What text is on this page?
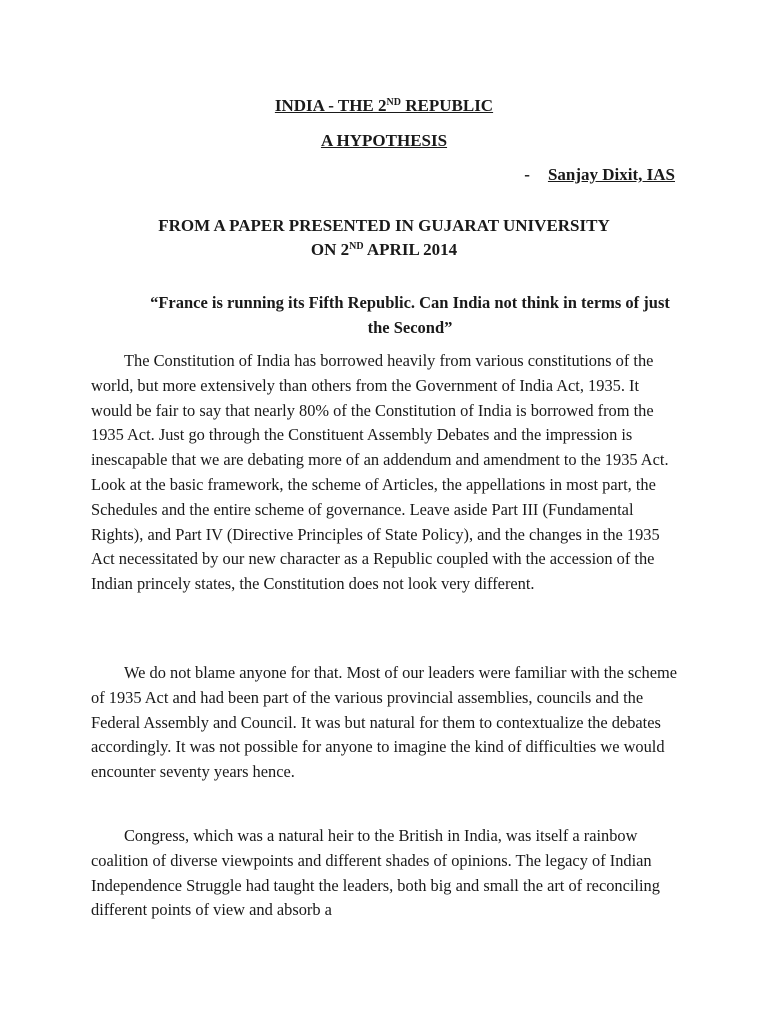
INDIA - THE 2ND REPUBLIC
A HYPOTHESIS
- Sanjay Dixit, IAS
FROM A PAPER PRESENTED IN GUJARAT UNIVERSITY
ON 2ND APRIL 2014
“France is running its Fifth Republic. Can India not think in terms of just the Second”

The Constitution of India has borrowed heavily from various constitutions of the world, but more extensively than others from the Government of India Act, 1935. It would be fair to say that nearly 80% of the Constitution of India is borrowed from the 1935 Act. Just go through the Constituent Assembly Debates and the impression is inescapable that we are debating more of an addendum and amendment to the 1935 Act. Look at the basic framework, the scheme of Articles, the appellations in most part, the Schedules and the entire scheme of governance. Leave aside Part III (Fundamental Rights), and Part IV (Directive Principles of State Policy), and the changes in the 1935 Act necessitated by our new character as a Republic coupled with the accession of the Indian princely states, the Constitution does not look very different.

We do not blame anyone for that. Most of our leaders were familiar with the scheme of 1935 Act and had been part of the various provincial assemblies, councils and the Federal Assembly and Council. It was but natural for them to contextualize the debates accordingly. It was not possible for anyone to imagine the kind of difficulties we would encounter seventy years hence.

Congress, which was a natural heir to the British in India, was itself a rainbow coalition of diverse viewpoints and different shades of opinions. The legacy of Indian Independence Struggle had taught the leaders, both big and small the art of reconciling different points of view and absorb a
